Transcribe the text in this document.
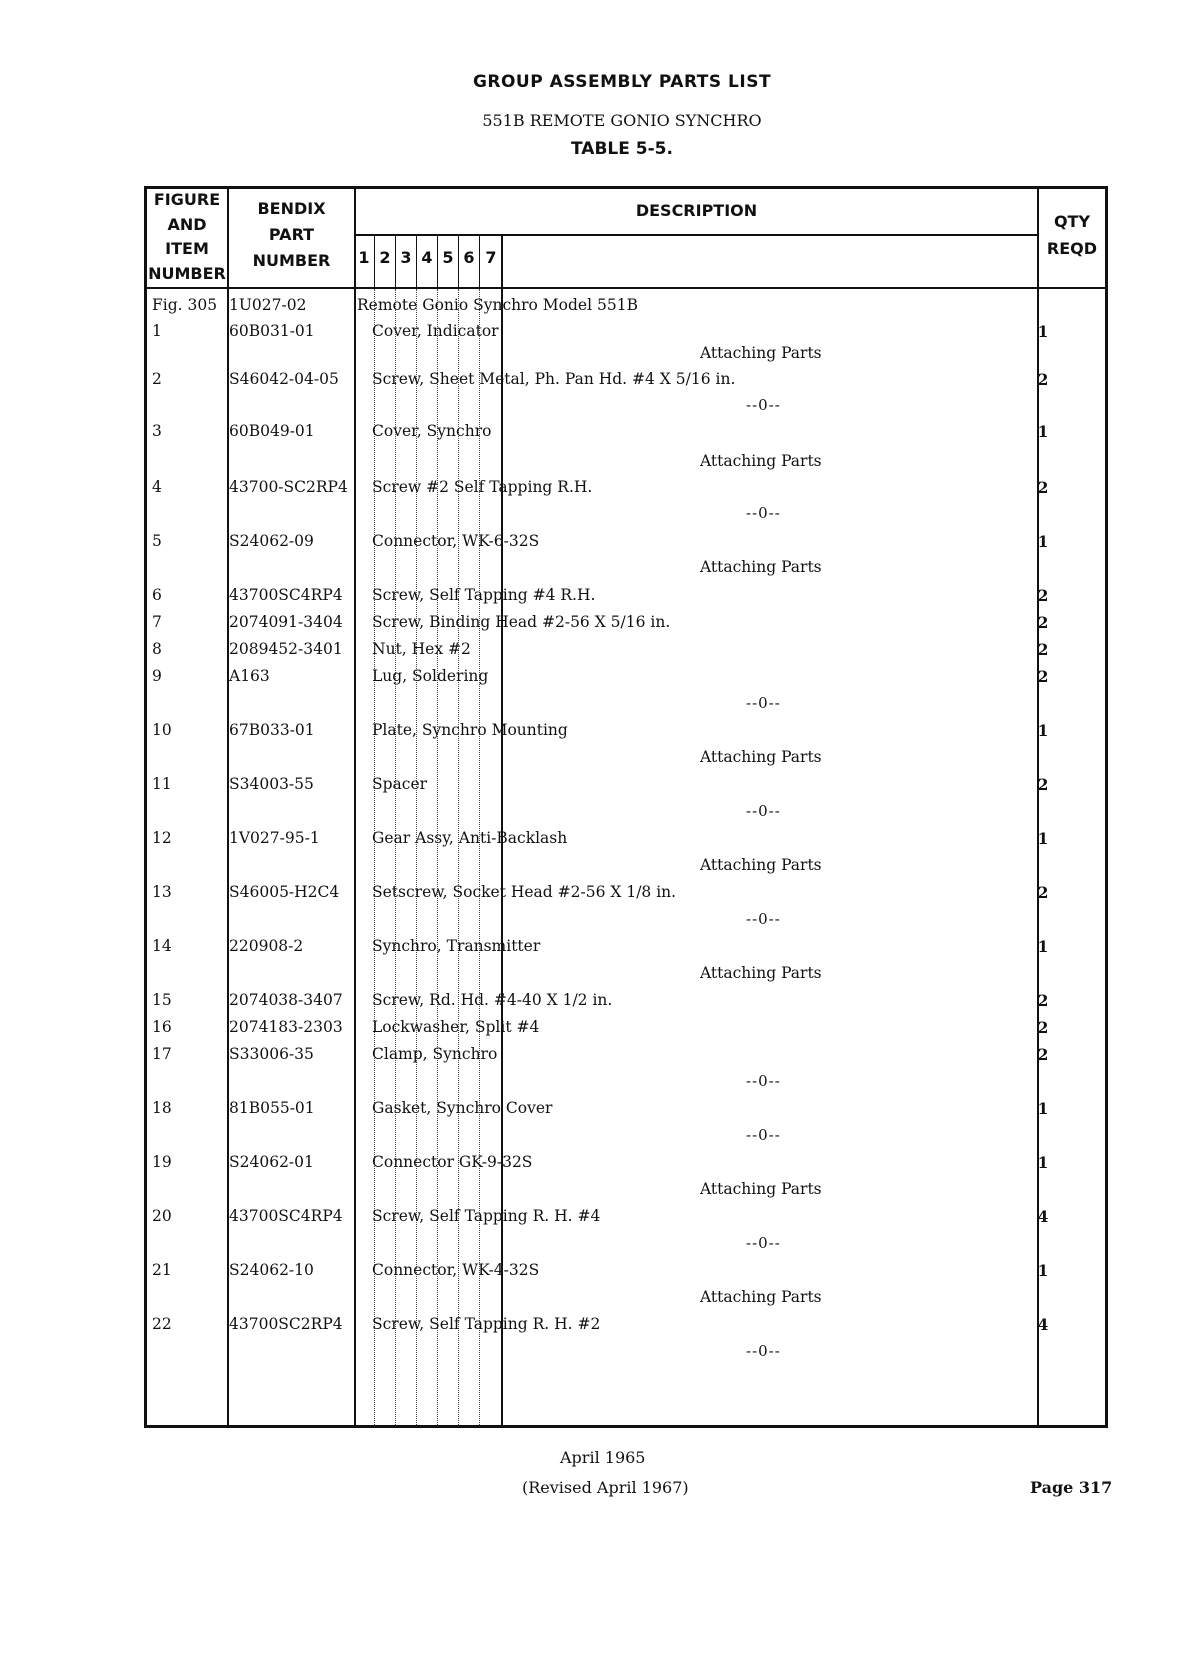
GROUP ASSEMBLY PARTS LIST
551B REMOTE GONIO SYNCHRO
TABLE 5-5.
FIGURE
AND
ITEM
NUMBER
BENDIX
PART
NUMBER
DESCRIPTION
QTY
REQD
1 2 3 4 5 6 7
Fig. 305 1U027-02	Remote Gonio Synchro Model 551B
1	60B031-01	Cover, Indicator	1
Attaching Parts
2	S46042-04-05 Screw, Sheet Metal, Ph. Pan Hd. #4 X 5/16 in.	2
--0--
3	60B049-01	Cover, Synchro	1
Attaching Parts
4	43700-SC2RP4 Screw #2 Self Tapping R.H.	2
--0--
5	S24062-09	Connector, WK-6-32S	1
Attaching Parts
6	43700SC4RP4 Screw, Self Tapping #4 R.H.	2
7	2074091-3404 Screw, Binding Head #2-56 X 5/16 in.	2
8	2089452-3401 Nut, Hex #2	2
9	A163	Lug, Soldering	2
--0--
10	67B033-01	Plate, Synchro Mounting	1
Attaching Parts
11	S34003-55	Spacer	2
--0--
12	1V027-95-1	Gear Assy, Anti-Backlash	1
Attaching Parts
13	S46005-H2C4 Setscrew, Socket Head #2-56 X 1/8 in.	2
--0--
14	220908-2	Synchro, Transmitter	1
Attaching Parts
15	2074038-3407 Screw, Rd. Hd. #4-40 X 1/2 in.	2
16	2074183-2303 Lockwasher, Split #4	2
17	S33006-35	Clamp, Synchro	2
--0--
18	81B055-01	Gasket, Synchro Cover	1
--0--
19	S24062-01	Connector GK-9-32S	1
Attaching Parts
20	43700SC4RP4 Screw, Self Tapping R. H. #4	4
--0--
21	S24062-10	Connector, WK-4-32S	1
Attaching Parts
22	43700SC2RP4 Screw, Self Tapping R. H. #2	4
--0--
April 1965
(Revised April 1967)	Page 317
